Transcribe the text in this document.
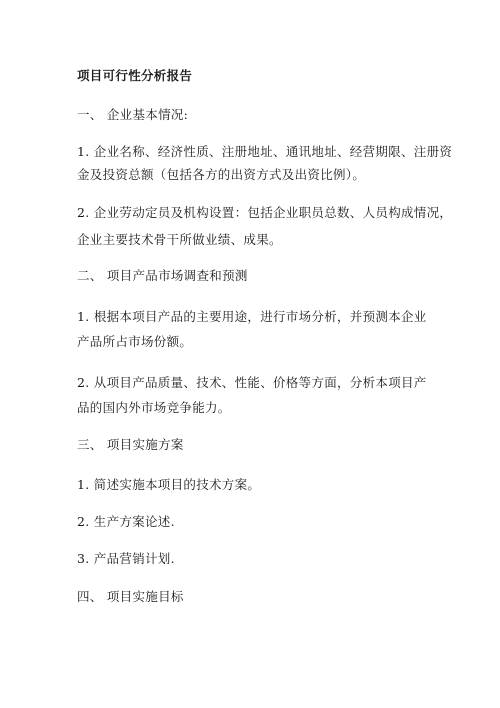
项目可行性分析报告
一、 企业基本情况:
1. 企业名称、经济性质、注册地址、通讯地址、经营期限、注册资
金及投资总额（包括各方的出资方式及出资比例）。
2. 企业劳动定员及机构设置：包括企业职员总数、人员构成情况，
企业主要技术骨干所做业绩、成果。
二、 项目产品市场调查和预测
1. 根据本项目产品的主要用途，进行市场分析，并预测本企业
产品所占市场份额。
2. 从项目产品质量、技术、性能、价格等方面，分析本项目产
品的国内外市场竞争能力。
三、 项目实施方案
1. 简述实施本项目的技术方案。
2. 生产方案论述.
3. 产品营销计划.
四、 项目实施目标
